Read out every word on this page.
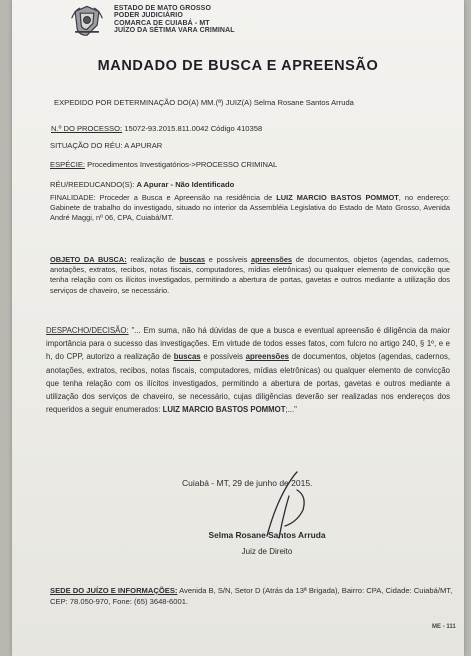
ESTADO DE MATO GROSSO
PODER JUDICIÁRIO
COMARCA DE CUIABÁ - MT
JUÍZO DA SÉTIMA VARA CRIMINAL
MANDADO DE BUSCA E APREENSÃO
EXPEDIDO POR DETERMINAÇÃO DO(A) MM.(ª) JUIZ(A) Selma Rosane Santos Arruda
N.º DO PROCESSO: 15072-93.2015.811.0042 Código 410358
SITUAÇÃO DO RÉU: A APURAR
ESPÉCIE: Procedimentos Investigatórios->PROCESSO CRIMINAL
RÉU/REEDUCANDO(S): A Apurar - Não Identificado
FINALIDADE: Proceder a Busca e Apreensão na residência de LUIZ MARCIO BASTOS POMMOT, no endereço: Gabinete de trabalho do investigado, situado no interior da Assembléia Legislativa do Estado de Mato Grosso, Avenida André Maggi, nº 06, CPA, Cuiabá/MT.
OBJETO DA BUSCA: realização de buscas e possíveis apreensões de documentos, objetos (agendas, cadernos, anotações, extratos, recibos, notas fiscais, computadores, mídias eletrônicas) ou qualquer elemento de convicção que tenha relação com os ilícitos investigados, permitindo a abertura de portas, gavetas e outros mediante a utilização dos serviços de chaveiro, se necessário.
DESPACHO/DECISÃO: "... Em suma, não há dúvidas de que a busca e eventual apreensão é diligência da maior importância para o sucesso das investigações. Em virtude de todos esses fatos, com fulcro no artigo 240, § 1º, e e h, do CPP, autorizo a realização de buscas e possíveis apreensões de documentos, objetos (agendas, cadernos, anotações, extratos, recibos, notas fiscais, computadores, mídias eletrônicas) ou qualquer elemento de convicção que tenha relação com os ilícitos investigados, permitindo a abertura de portas, gavetas e outros mediante a utilização dos serviços de chaveiro, se necessário, cujas diligências deverão ser realizadas nos endereços dos requeridos a seguir enumerados: LUIZ MARCIO BASTOS POMMOT;..."
Cuiabá - MT, 29 de junho de 2015.
Selma Rosane Santos Arruda
Juiz de Direito
SEDE DO JUÍZO E INFORMAÇÕES: Avenida B, S/N, Setor D (Atrás da 13ª Brigada), Bairro: CPA, Cidade: Cuiabá/MT, CEP: 78.050-970, Fone: (65) 3648-6001.
ME - 111
